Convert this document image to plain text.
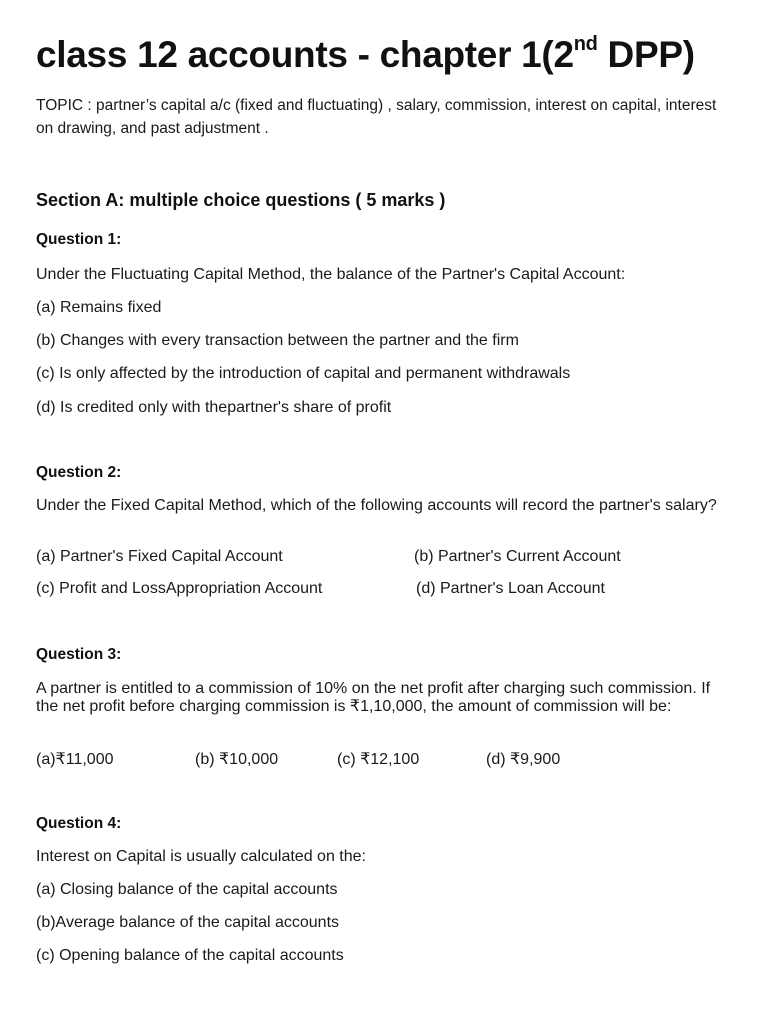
class 12 accounts - chapter 1(2nd DPP)
TOPIC : partner’s capital a/c (fixed and fluctuating) , salary, commission, interest on capital, interest on drawing, and past adjustment .
Section A: multiple choice questions ( 5 marks )
Question 1:
Under the Fluctuating Capital Method, the balance of the Partner's Capital Account:
(a) Remains fixed
(b) Changes with every transaction between the partner and the firm
(c) Is only affected by the introduction of capital and permanent withdrawals
(d) Is credited only with thepartner's share of profit
Question 2:
Under the Fixed Capital Method, which of the following accounts will record the partner's salary?
(a) Partner's Fixed Capital Account	(b) Partner's Current Account
(c) Profit and LossAppropriation Account	(d) Partner's Loan Account
Question 3:
A partner is entitled to a commission of 10% on the net profit after charging such commission. If the net profit before charging commission is ₹1,10,000, the amount of commission will be:
(a)₹11,000	(b) ₹10,000	(c) ₹12,100	(d) ₹9,900
Question 4:
Interest on Capital is usually calculated on the:
(a) Closing balance of the capital accounts
(b)Average balance of the capital accounts
(c) Opening balance of the capital accounts
